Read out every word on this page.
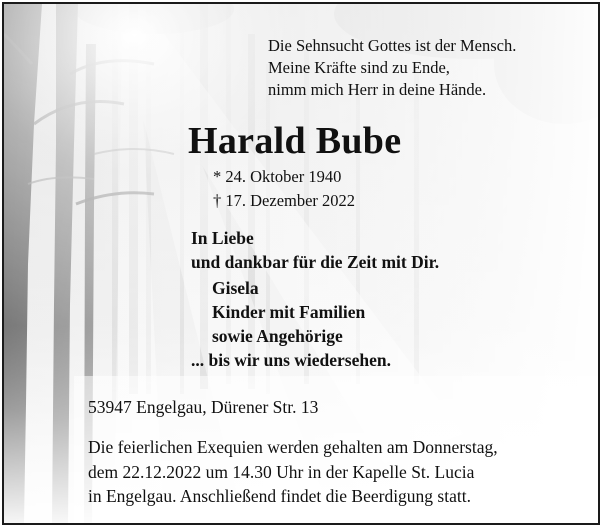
Die Sehnsucht Gottes ist der Mensch.
Meine Kräfte sind zu Ende,
nimm mich Herr in deine Hände.
Harald Bube
* 24. Oktober 1940
† 17. Dezember 2022
In Liebe
und dankbar für die Zeit mit Dir.
Gisela
Kinder mit Familien
sowie Angehörige
... bis wir uns wiedersehen.
53947 Engelgau, Dürener Str. 13
Die feierlichen Exequien werden gehalten am Donnerstag,
dem 22.12.2022 um 14.30 Uhr in der Kapelle St. Lucia
in Engelgau. Anschließend findet die Beerdigung statt.
